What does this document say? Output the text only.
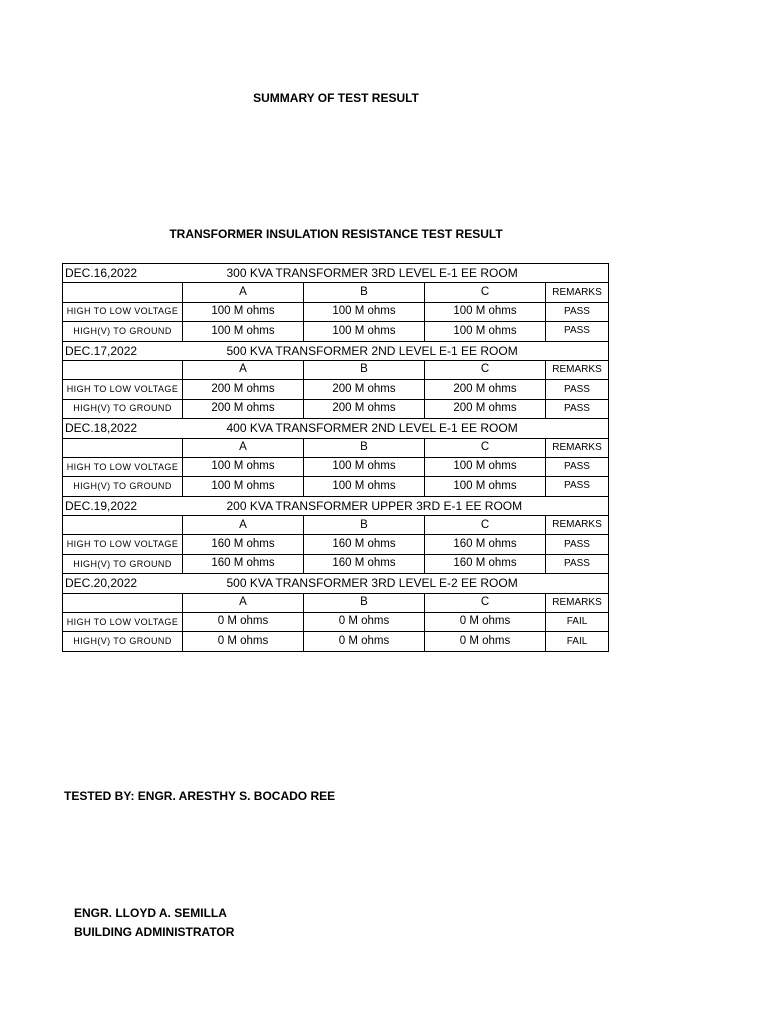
SUMMARY OF TEST RESULT
TRANSFORMER INSULATION RESISTANCE TEST RESULT
DEC.16,2022	300 KVA TRANSFORMER 3RD LEVEL E-1 EE ROOM			
	A	B	C	REMARKS
HIGH TO LOW VOLTAGE	100 M ohms	100 M ohms	100 M ohms	PASS
HIGH(V) TO GROUND	100 M ohms	100 M ohms	100 M ohms	PASS
DEC.17,2022	500 KVA TRANSFORMER 2ND LEVEL E-1 EE ROOM			
	A	B	C	REMARKS
HIGH TO LOW VOLTAGE	200 M ohms	200 M ohms	200 M ohms	PASS
HIGH(V) TO GROUND	200 M ohms	200 M ohms	200 M ohms	PASS
DEC.18,2022	400 KVA TRANSFORMER 2ND LEVEL E-1 EE ROOM			
	A	B	C	REMARKS
HIGH TO LOW VOLTAGE	100 M ohms	100 M ohms	100 M ohms	PASS
HIGH(V) TO GROUND	100 M ohms	100 M ohms	100 M ohms	PASS
DEC.19,2022	200 KVA TRANSFORMER UPPER 3RD E-1 EE ROOM			
	A	B	C	REMARKS
HIGH TO LOW VOLTAGE	160 M ohms	160 M ohms	160 M ohms	PASS
HIGH(V) TO GROUND	160 M ohms	160 M ohms	160 M ohms	PASS
DEC.20,2022	500 KVA TRANSFORMER 3RD LEVEL E-2 EE ROOM			
	A	B	C	REMARKS
HIGH TO LOW VOLTAGE	0 M ohms	0 M ohms	0 M ohms	FAIL
HIGH(V) TO GROUND	0 M ohms	0 M ohms	0 M ohms	FAIL
TESTED BY: ENGR. ARESTHY S. BOCADO REE
ENGR. LLOYD A. SEMILLA
BUILDING ADMINISTRATOR
